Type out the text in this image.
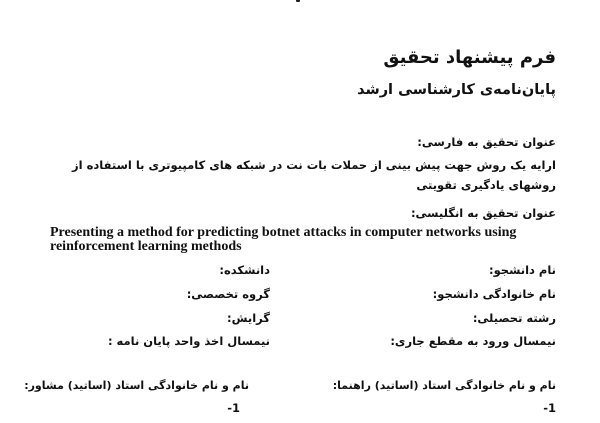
فرم پیشنهاد تحقیق
پایان‌نامه‌ی کارشناسی ارشد
عنوان تحقیق به فارسی:
ارایه یک روش جهت پیش بینی از حملات بات نت در شبکه های کامپیوتری با استفاده از روشهای یادگیری تقویتی
عنوان تحقیق به انگلیسی:
Presenting a method for predicting botnet attacks in computer networks using reinforcement learning methods
نام دانشجو:
دانشکده:
نام خانوادگی دانشجو:
گروه تخصصی:
رشته تحصیلی:
گرایش:
نیمسال ورود به مقطع جاری:
نیمسال اخذ واحد پایان نامه :
نام و نام خانوادگی استاد (اساتید) راهنما:
نام و نام خانوادگی استاد (اساتید) مشاور:
-1
-1
